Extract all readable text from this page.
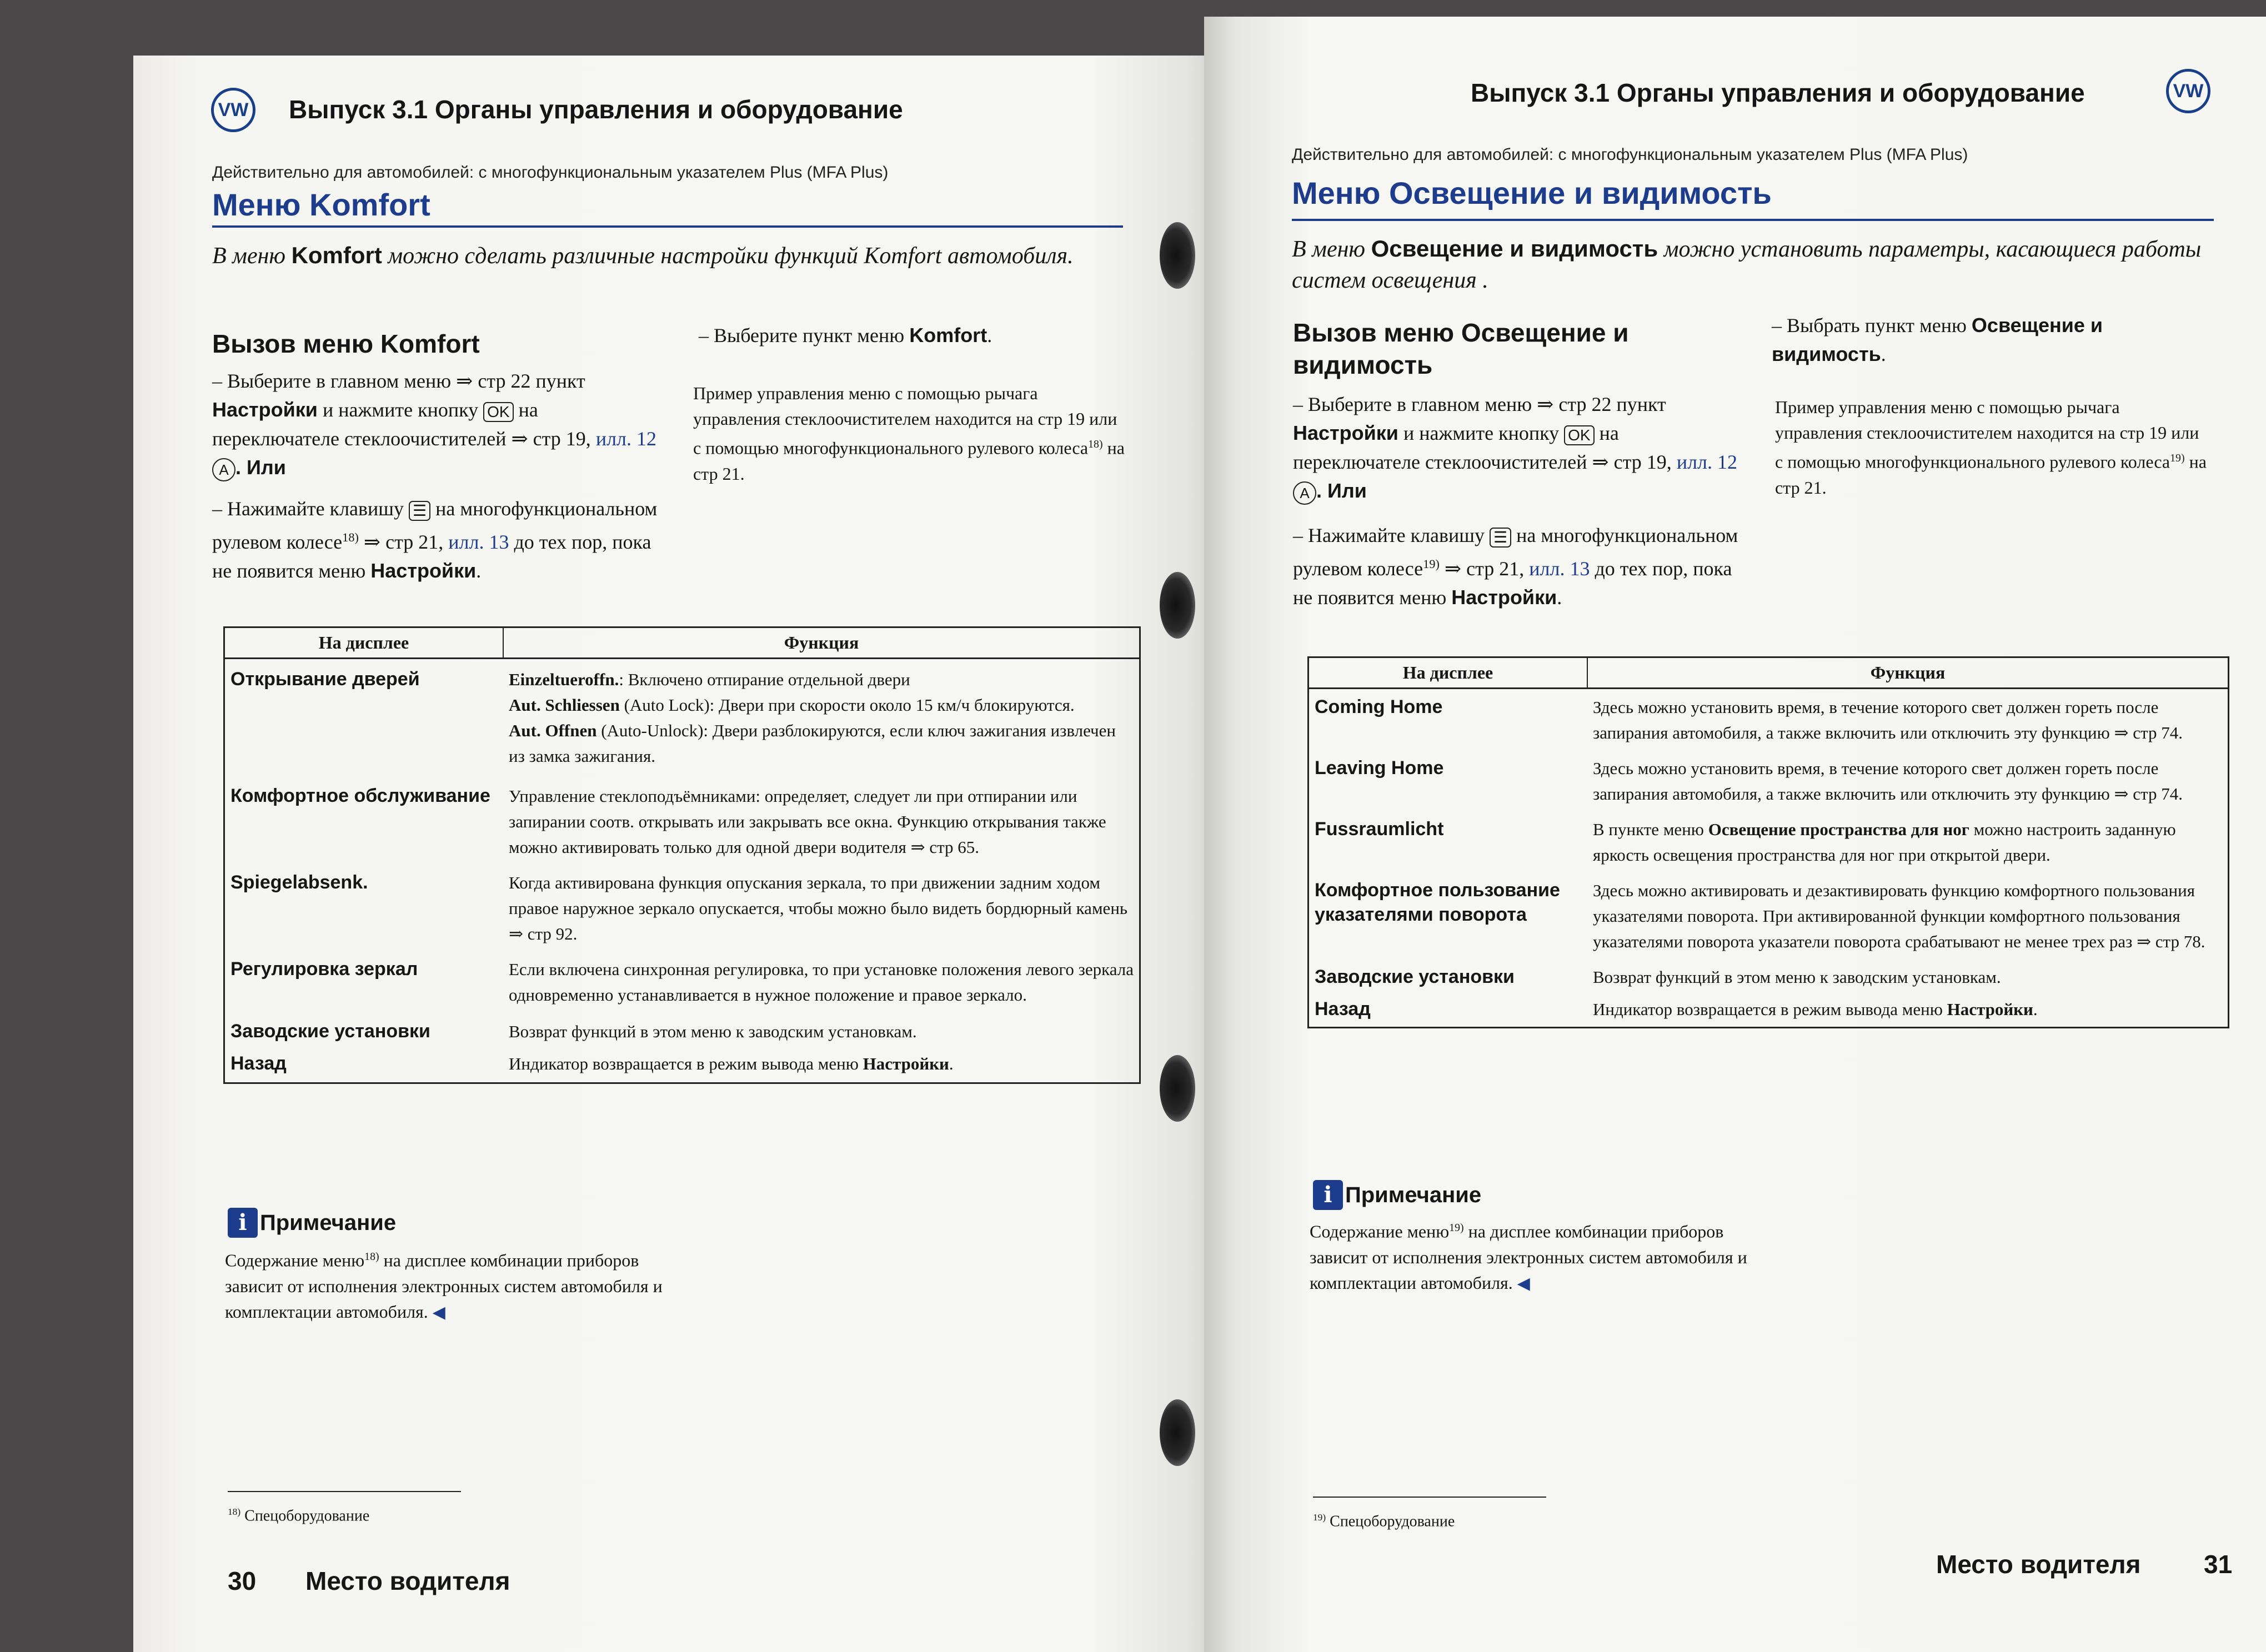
VW Выпуск 3.1 Органы управления и оборудование
Действительно для автомобилей: с многофункциональным указателем Plus (MFA Plus)
Меню Komfort
В меню Komfort можно сделать различные настройки функций Komfort автомобиля.
Вызов меню Komfort
– Выберите в главном меню ⇒ стр 22 пункт Настройки и нажмите кнопку OK на переключателе стеклоочистителей ⇒ стр 19, илл. 12 A . Или
– Нажимайте клавишу ☰ на многофункциональном рулевом колесе$^{18)}$ ⇒ стр 21, илл. 13 до тех пор, пока не появится меню Настройки.
– Выберите пункт меню Komfort.
Пример управления меню с помощью рычага управления стеклоочистителем находится на стр 19 или с помощью многофункционального рулевого колеса$^{18)}$ на стр 21.
На дисплее	Функция
Открывание дверей	Einzeltueroffn.: Включено отпирание отдельной двери
Aut. Schliessen (Auto Lock): Двери при скорости около 15 км/ч блокируются.
Aut. Offnen (Auto-Unlock): Двери разблокируются, если ключ зажигания извлечен из замка зажигания.
Комфортное обслуживание	Управление стеклоподъёмниками: определяет, следует ли при отпирании или запирании соотв. открывать или закрывать все окна. Функцию открывания также можно активировать только для одной двери водителя ⇒ стр 65.
Spiegelabsenk.	Когда активирована функция опускания зеркала, то при движении задним ходом правое наружное зеркало опускается, чтобы можно было видеть бордюрный камень ⇒ стр 92.
Регулировка зеркал	Если включена синхронная регулировка, то при установке положения левого зеркала одновременно устанавливается в нужное положение и правое зеркало.
Заводские установки	Возврат функций в этом меню к заводским установкам.
Назад	Индикатор возвращается в режим вывода меню Настройки.
i Примечание
Содержание меню$^{18)}$ на дисплее комбинации приборов зависит от исполнения электронных систем автомобиля и комплектации автомобиля. ◀
$^{18)}$ Спецоборудование
30 Место водителя
Выпуск 3.1 Органы управления и оборудование	VW
Действительно для автомобилей: с многофункциональным указателем Plus (MFA Plus)
Меню Освещение и видимость
В меню Освещение и видимость можно установить параметры, касающиеся работы систем освещения .
Вызов меню Освещение и видимость
– Выберите в главном меню ⇒ стр 22 пункт Настройки и нажмите кнопку OK на переключателе стеклоочистителей ⇒ стр 19, илл. 12 A . Или
– Нажимайте клавишу ☰ на многофункциональном рулевом колесе$^{19)}$ ⇒ стр 21, илл. 13 до тех пор, пока не появится меню Настройки.
– Выбрать пункт меню Освещение и видимость.
Пример управления меню с помощью рычага управления стеклоочистителем находится на стр 19 или с помощью многофункционального рулевого колеса$^{19)}$ на стр 21.
На дисплее	Функция
Coming Home	Здесь можно установить время, в течение которого свет должен гореть после запирания автомобиля, а также включить или отключить эту функцию ⇒ стр 74.
Leaving Home	Здесь можно установить время, в течение которого свет должен гореть после запирания автомобиля, а также включить или отключить эту функцию ⇒ стр 74.
Fussraumlicht	В пункте меню Освещение пространства для ног можно настроить заданную яркость освещения пространства для ног при открытой двери.
Комфортное пользование указателями поворота	Здесь можно активировать и дезактивировать функцию комфортного пользования указателями поворота. При активированной функции комфортного пользования указателями поворота указатели поворота срабатывают не менее трех раз ⇒ стр 78.
Заводские установки	Возврат функций в этом меню к заводским установкам.
Назад	Индикатор возвращается в режим вывода меню Настройки.
i Примечание
Содержание меню$^{19)}$ на дисплее комбинации приборов зависит от исполнения электронных систем автомобиля и комплектации автомобиля. ◀
$^{19)}$ Спецоборудование
Место водителя 31
